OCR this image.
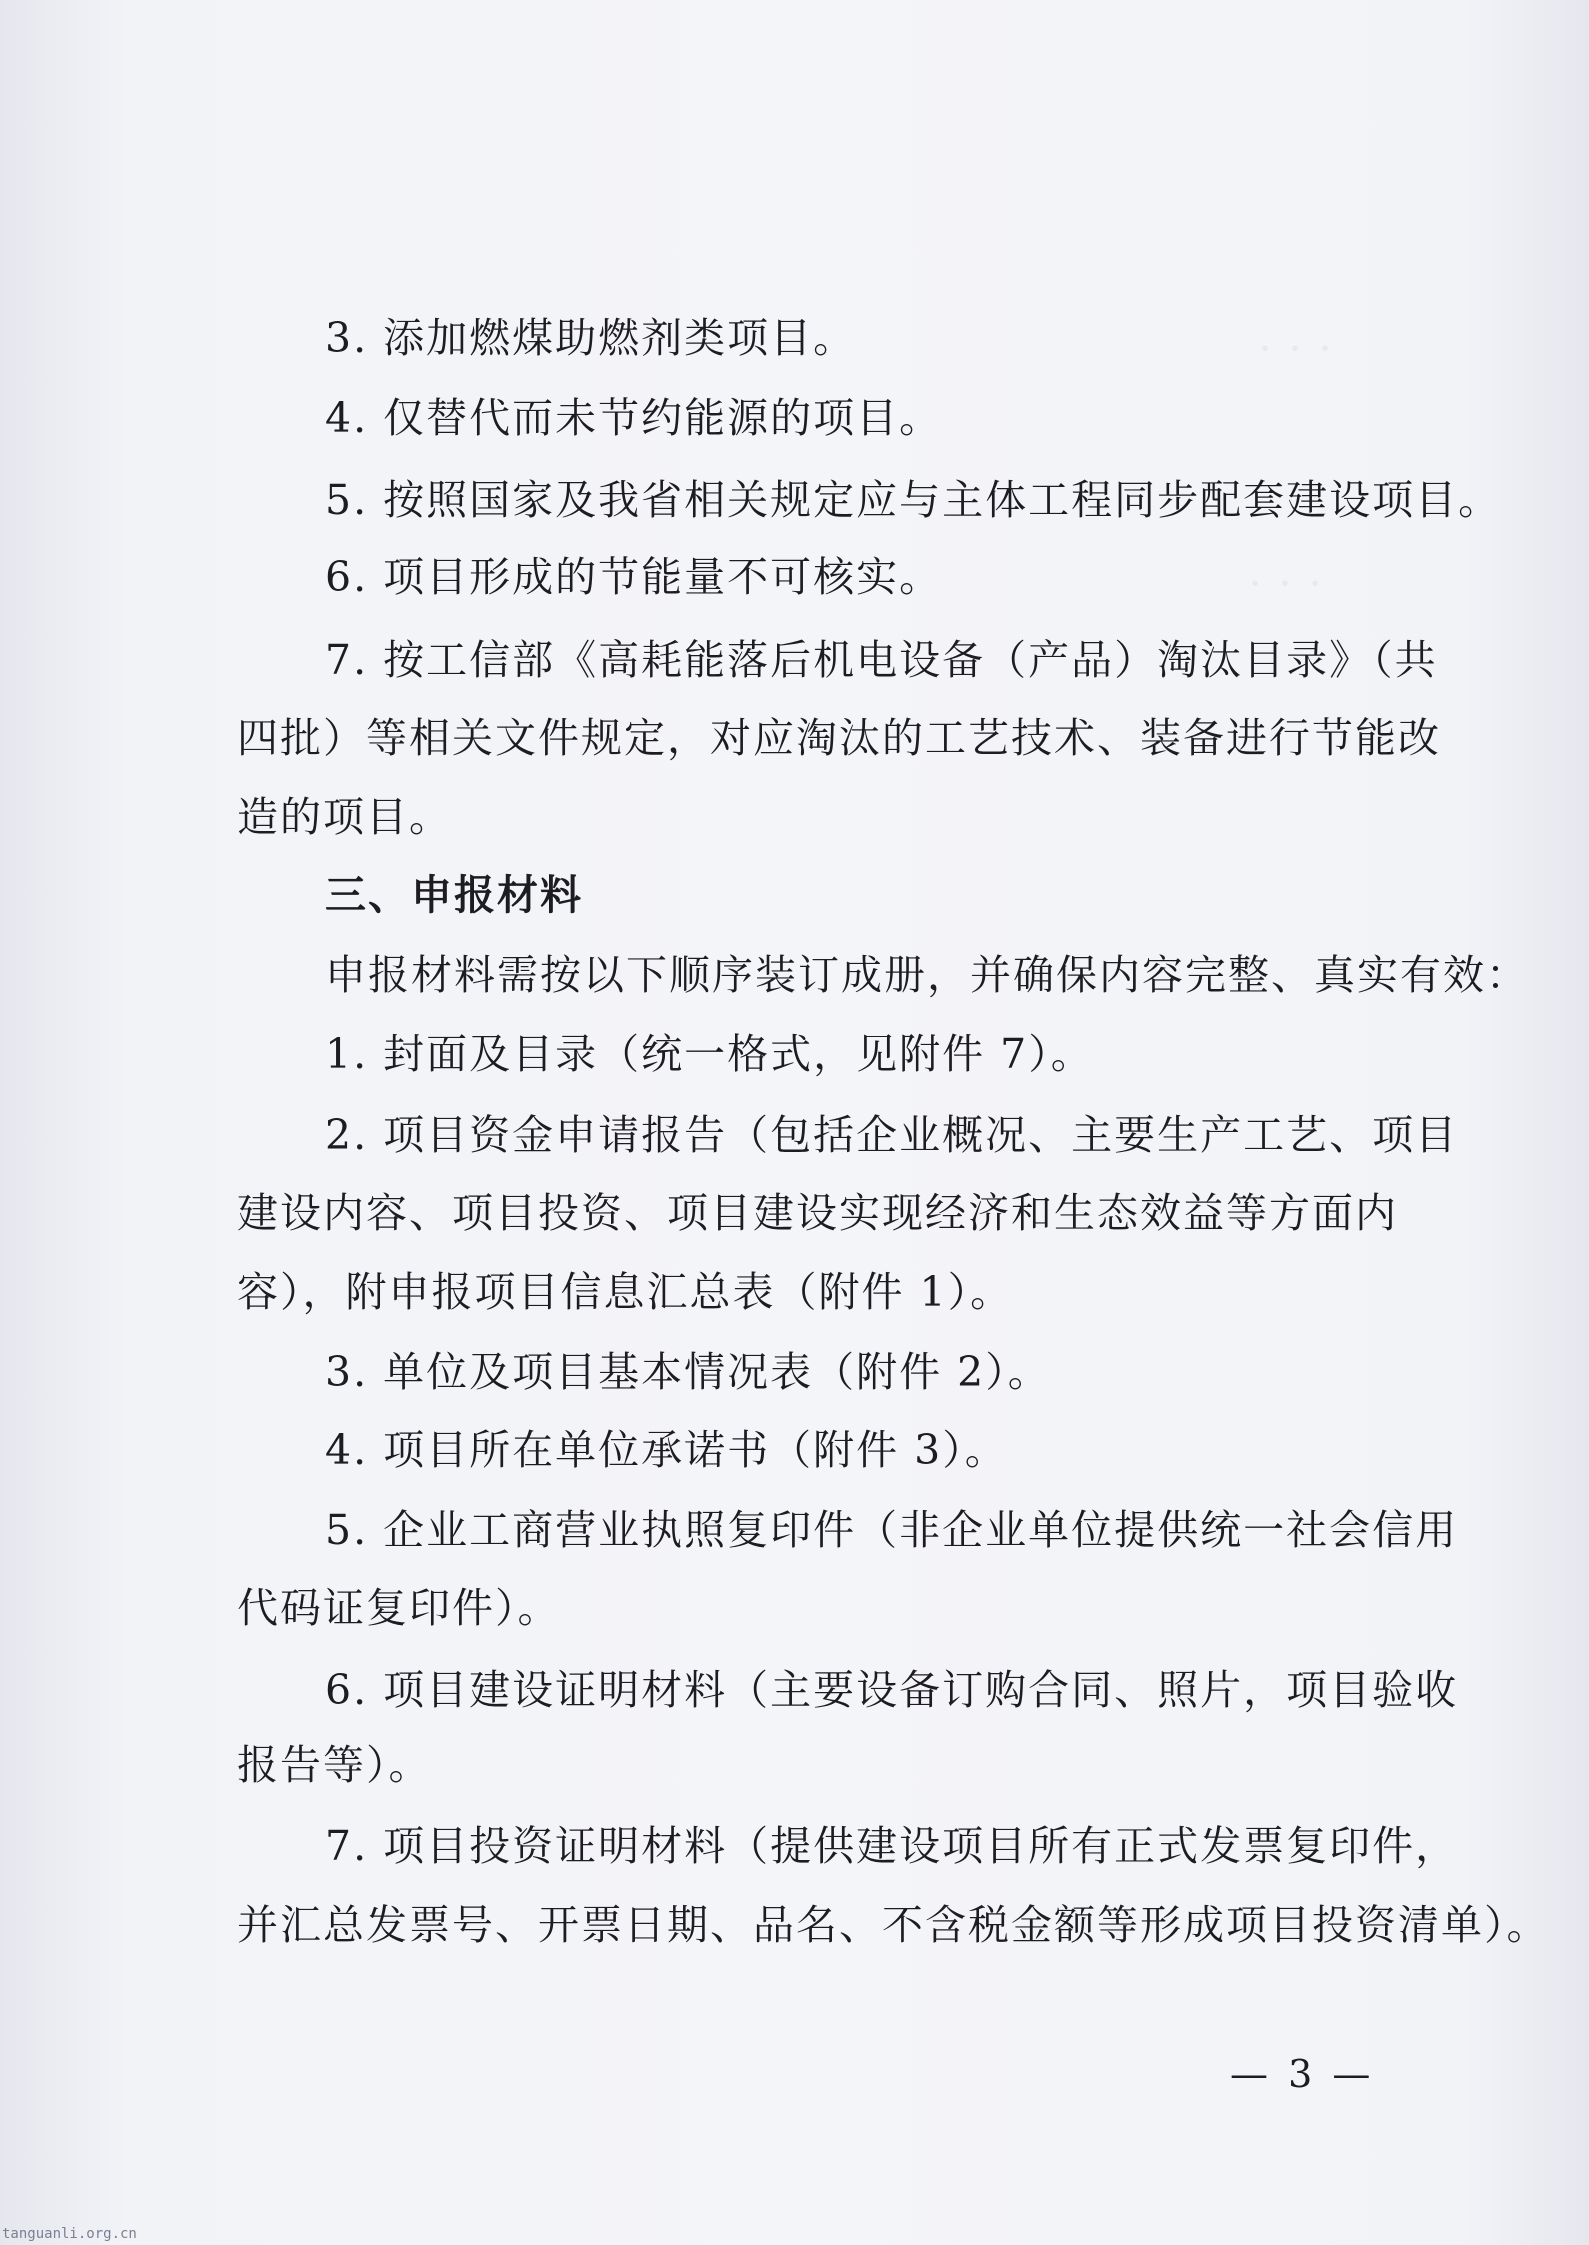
3. 添加燃煤助燃剂类项目。
4. 仅替代而未节约能源的项目。
5. 按照国家及我省相关规定应与主体工程同步配套建设项目。
6. 项目形成的节能量不可核实。
7. 按工信部《高耗能落后机电设备（产品）淘汰目录》（共
四批）等相关文件规定，对应淘汰的工艺技术、装备进行节能改
造的项目。
三、申报材料
申报材料需按以下顺序装订成册，并确保内容完整、真实有效：
1. 封面及目录（统一格式，见附件 7）。
2. 项目资金申请报告（包括企业概况、主要生产工艺、项目
建设内容、项目投资、项目建设实现经济和生态效益等方面内
容），附申报项目信息汇总表（附件 1）。
3. 单位及项目基本情况表（附件 2）。
4. 项目所在单位承诺书（附件 3）。
5. 企业工商营业执照复印件（非企业单位提供统一社会信用
代码证复印件）。
6. 项目建设证明材料（主要设备订购合同、照片，项目验收
报告等）。
7. 项目投资证明材料（提供建设项目所有正式发票复印件，
并汇总发票号、开票日期、品名、不含税金额等形成项目投资清单）。
— 3 —
tanguanli.org.cn
